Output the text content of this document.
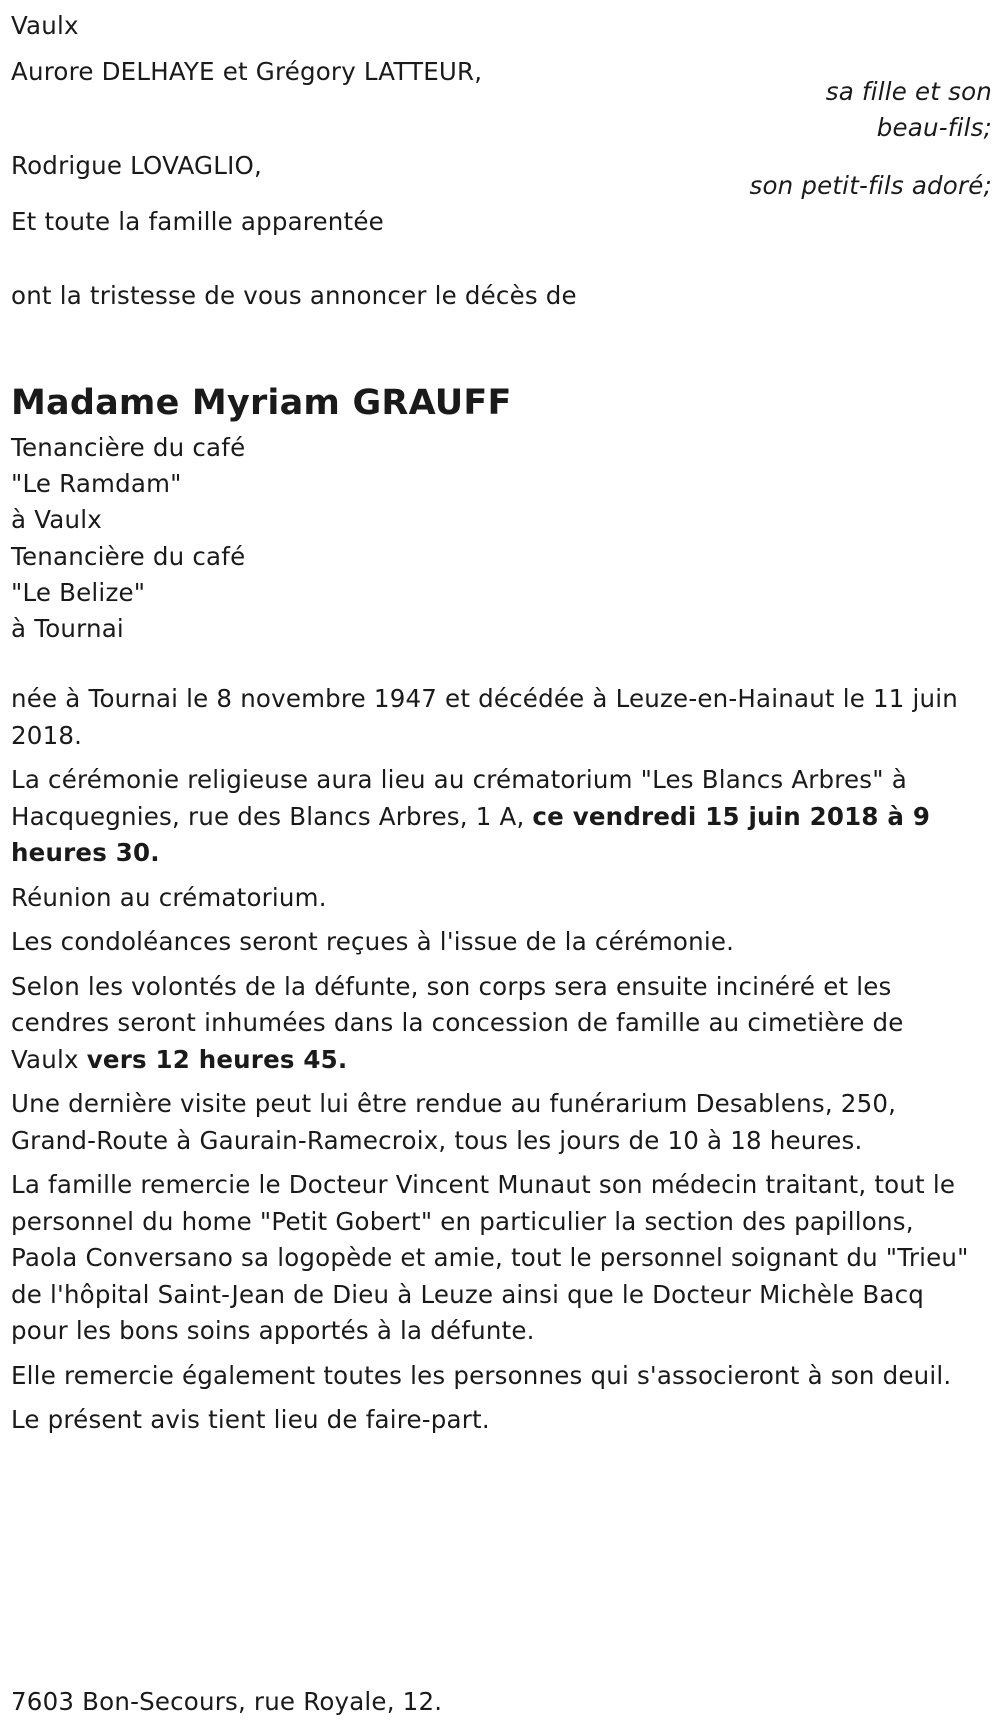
Vaulx
Aurore DELHAYE et Grégory LATTEUR,
sa fille et son
beau-fils;
Rodrigue LOVAGLIO,
son petit-fils adoré;
Et toute la famille apparentée
ont la tristesse de vous annoncer le décès de
Madame Myriam GRAUFF
Tenancière du café
"Le Ramdam"
à Vaulx
Tenancière du café
"Le Belize"
à Tournai

née à Tournai le 8 novembre 1947 et décédée à Leuze-en-Hainaut le 11 juin 2018.

La cérémonie religieuse aura lieu au crématorium "Les Blancs Arbres" à Hacquegnies, rue des Blancs Arbres, 1 A, ce vendredi 15 juin 2018 à 9 heures 30.

Réunion au crématorium.

Les condoléances seront reçues à l'issue de la cérémonie.

Selon les volontés de la défunte, son corps sera ensuite incinéré et les cendres seront inhumées dans la concession de famille au cimetière de Vaulx vers 12 heures 45.

Une dernière visite peut lui être rendue au funérarium Desablens, 250, Grand-Route à Gaurain-Ramecroix, tous les jours de 10 à 18 heures.

La famille remercie le Docteur Vincent Munaut son médecin traitant, tout le personnel du home "Petit Gobert" en particulier la section des papillons, Paola Conversano sa logopède et amie, tout le personnel soignant du "Trieu" de l'hôpital Saint-Jean de Dieu à Leuze ainsi que le Docteur Michèle Bacq pour les bons soins apportés à la défunte.

Elle remercie également toutes les personnes qui s'associeront à son deuil.

Le présent avis tient lieu de faire-part.

7603 Bon-Secours, rue Royale, 12.
